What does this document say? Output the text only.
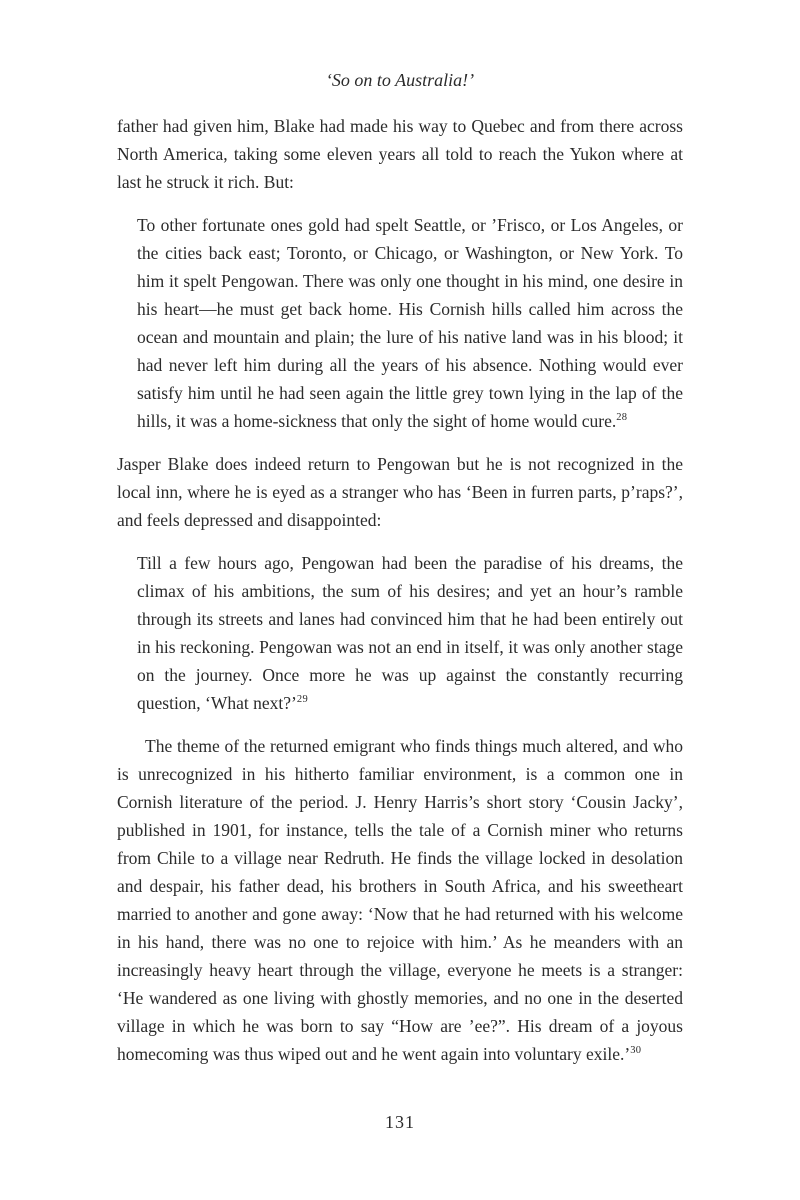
‘So on to Australia!’

father had given him, Blake had made his way to Quebec and from there across North America, taking some eleven years all told to reach the Yukon where at last he struck it rich. But:

To other fortunate ones gold had spelt Seattle, or ’Frisco, or Los Angeles, or the cities back east; Toronto, or Chicago, or Washington, or New York. To him it spelt Pengowan. There was only one thought in his mind, one desire in his heart—he must get back home. His Cornish hills called him across the ocean and mountain and plain; the lure of his native land was in his blood; it had never left him during all the years of his absence. Nothing would ever satisfy him until he had seen again the little grey town lying in the lap of the hills, it was a home-sickness that only the sight of home would cure.$^{28}$

Jasper Blake does indeed return to Pengowan but he is not recognized in the local inn, where he is eyed as a stranger who has ‘Been in furren parts, p’raps?’, and feels depressed and disappointed:

Till a few hours ago, Pengowan had been the paradise of his dreams, the climax of his ambitions, the sum of his desires; and yet an hour’s ramble through its streets and lanes had convinced him that he had been entirely out in his reckoning. Pengowan was not an end in itself, it was only another stage on the journey. Once more he was up against the constantly recurring question, ‘What next?’$^{29}$

The theme of the returned emigrant who finds things much altered, and who is unrecognized in his hitherto familiar environment, is a common one in Cornish literature of the period. J. Henry Harris’s short story ‘Cousin Jacky’, published in 1901, for instance, tells the tale of a Cornish miner who returns from Chile to a village near Redruth. He finds the village locked in desolation and despair, his father dead, his brothers in South Africa, and his sweetheart married to another and gone away: ‘Now that he had returned with his welcome in his hand, there was no one to rejoice with him.’ As he meanders with an increasingly heavy heart through the village, everyone he meets is a stranger: ‘He wandered as one living with ghostly memories, and no one in the deserted village in which he was born to say “How are ’ee?”. His dream of a joyous homecoming was thus wiped out and he went again into voluntary exile.’$^{30}$

131
